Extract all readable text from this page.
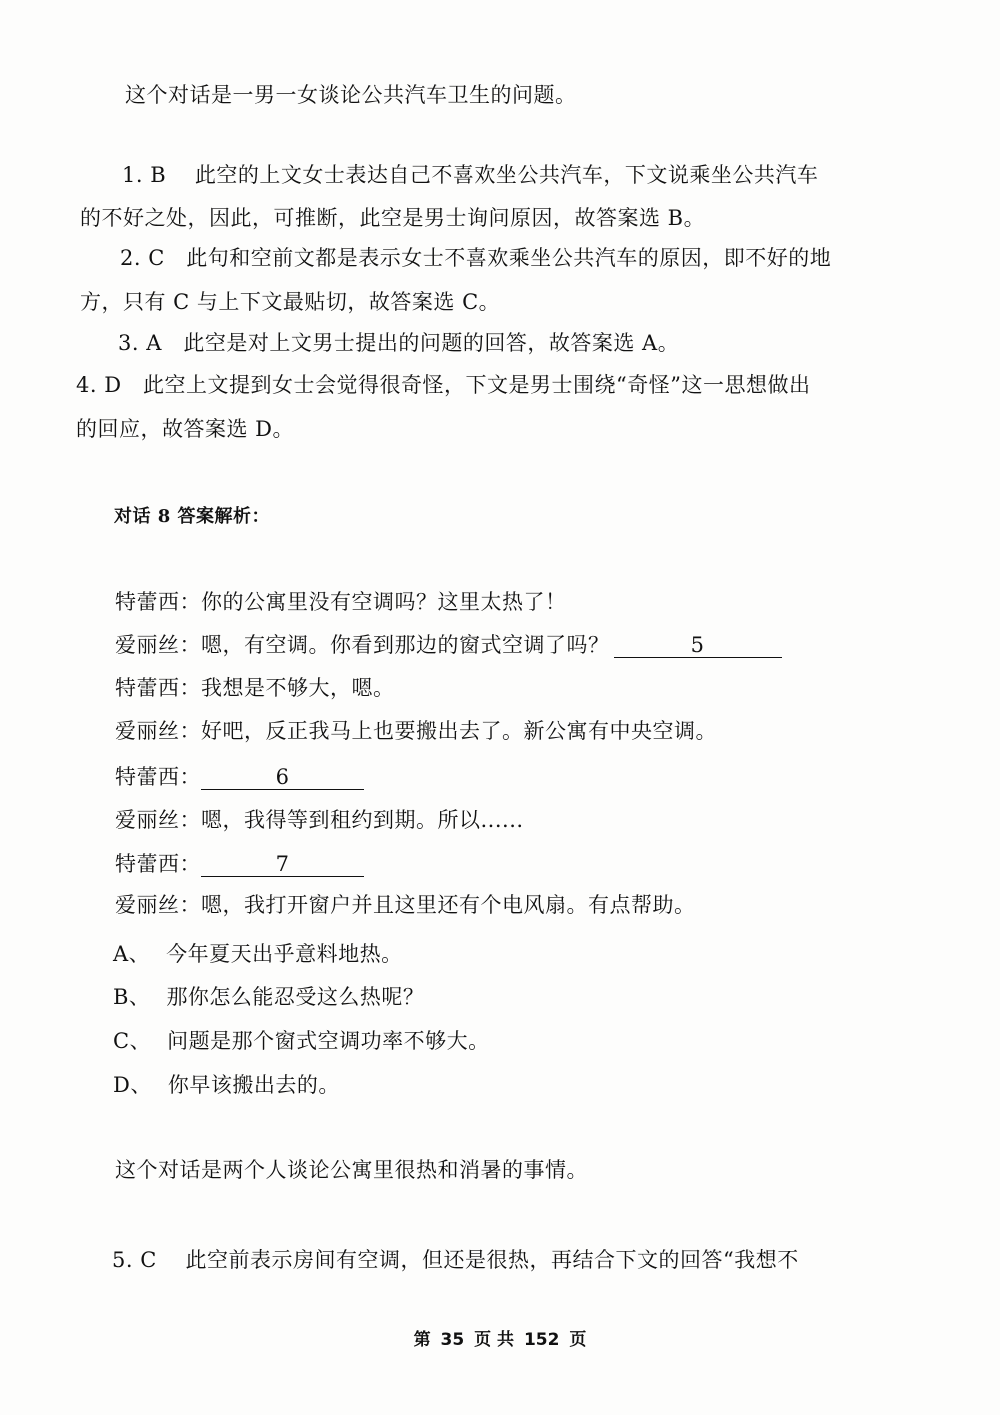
这个对话是一男一女谈论公共汽车卫生的问题。
1. B　 此空的上文女士表达自己不喜欢坐公共汽车，下文说乘坐公共汽车
的不好之处，因此，可推断，此空是男士询问原因，故答案选 B。
2. C　此句和空前文都是表示女士不喜欢乘坐公共汽车的原因，即不好的地
方，只有 C 与上下文最贴切，故答案选 C。
3. A　此空是对上文男士提出的问题的回答，故答案选 A。
4. D　此空上文提到女士会觉得很奇怪，下文是男士围绕“奇怪”这一思想做出
的回应，故答案选 D。
对话 8 答案解析：
特蕾西：你的公寓里没有空调吗？这里太热了！
爱丽丝：嗯，有空调。你看到那边的窗式空调了吗？	5
特蕾西：我想是不够大，嗯。
爱丽丝：好吧，反正我马上也要搬出去了。新公寓有中央空调。
特蕾西：	6
爱丽丝：嗯，我得等到租约到期。所以......
特蕾西：	7
爱丽丝：嗯，我打开窗户并且这里还有个电风扇。有点帮助。
A、 今年夏天出乎意料地热。
B、 那你怎么能忍受这么热呢？
C、 问题是那个窗式空调功率不够大。
D、 你早该搬出去的。
这个对话是两个人谈论公寓里很热和消暑的事情。
5. C　 此空前表示房间有空调，但还是很热，再结合下文的回答“我想不
第 35 页 共 152 页
